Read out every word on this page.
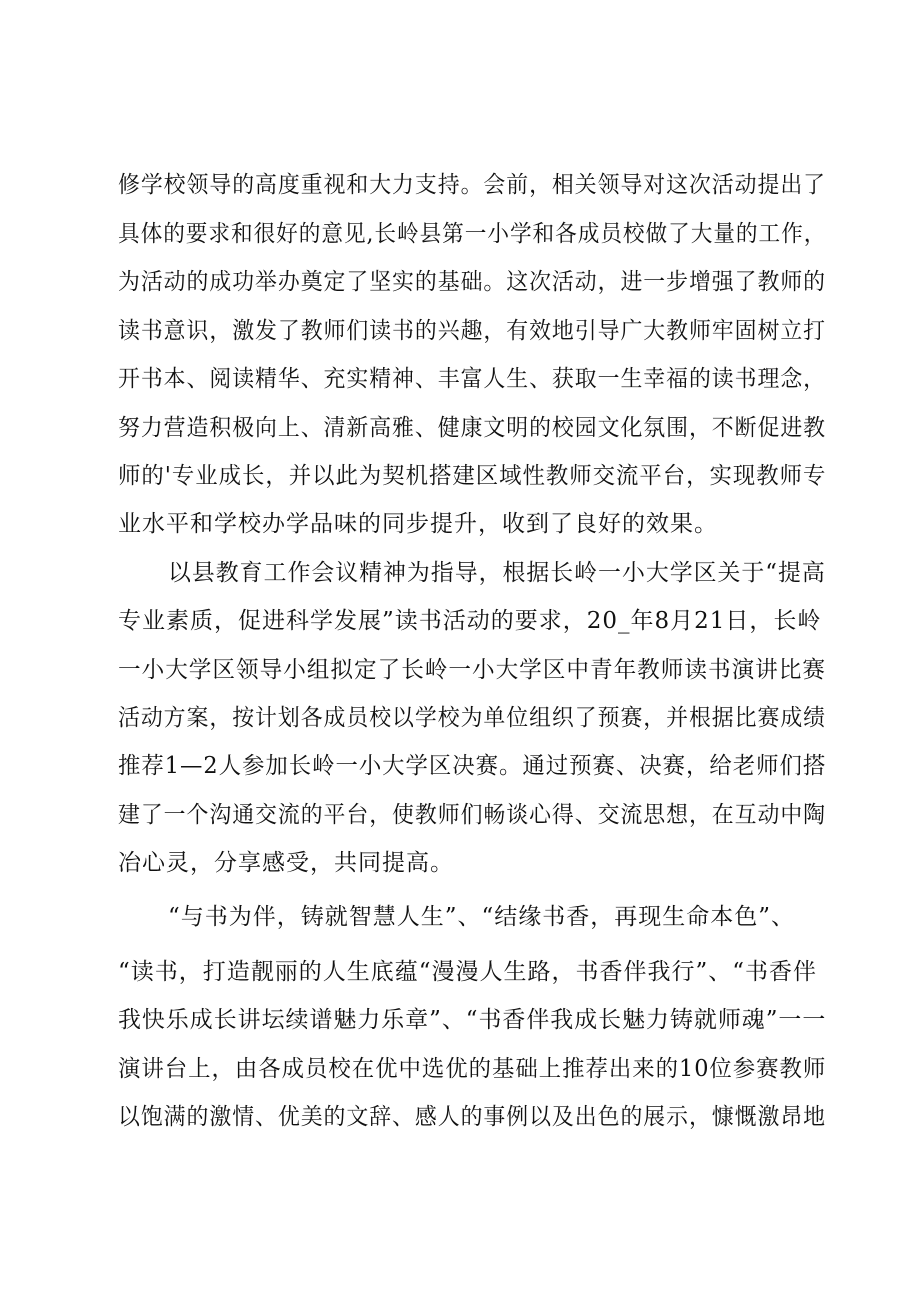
修学校领导的高度重视和大力支持。会前，相关领导对这次活动提出了
具体的要求和很好的意见,长岭县第一小学和各成员校做了大量的工作，
为活动的成功举办奠定了坚实的基础。这次活动，进一步增强了教师的
读书意识，激发了教师们读书的兴趣，有效地引导广大教师牢固树立打
开书本、阅读精华、充实精神、丰富人生、获取一生幸福的读书理念，
努力营造积极向上、清新高雅、健康文明的校园文化氛围，不断促进教
师的'专业成长，并以此为契机搭建区域性教师交流平台，实现教师专
业水平和学校办学品味的同步提升，收到了良好的效果。
以县教育工作会议精神为指导，根据长岭一小大学区关于“提高
专业素质，促进科学发展”读书活动的要求，20_年8月21日，长岭
一小大学区领导小组拟定了长岭一小大学区中青年教师读书演讲比赛
活动方案，按计划各成员校以学校为单位组织了预赛，并根据比赛成绩
推荐1—2人参加长岭一小大学区决赛。通过预赛、决赛，给老师们搭
建了一个沟通交流的平台，使教师们畅谈心得、交流思想，在互动中陶
冶心灵，分享感受，共同提高。
“与书为伴，铸就智慧人生”、“结缘书香，再现生命本色”、
“读书，打造靓丽的人生底蕴“漫漫人生路，书香伴我行”、“书香伴
我快乐成长讲坛续谱魅力乐章”、“书香伴我成长魅力铸就师魂”一一
演讲台上，由各成员校在优中选优的基础上推荐出来的10位参赛教师
以饱满的激情、优美的文辞、感人的事例以及出色的展示，慷慨激昂地
